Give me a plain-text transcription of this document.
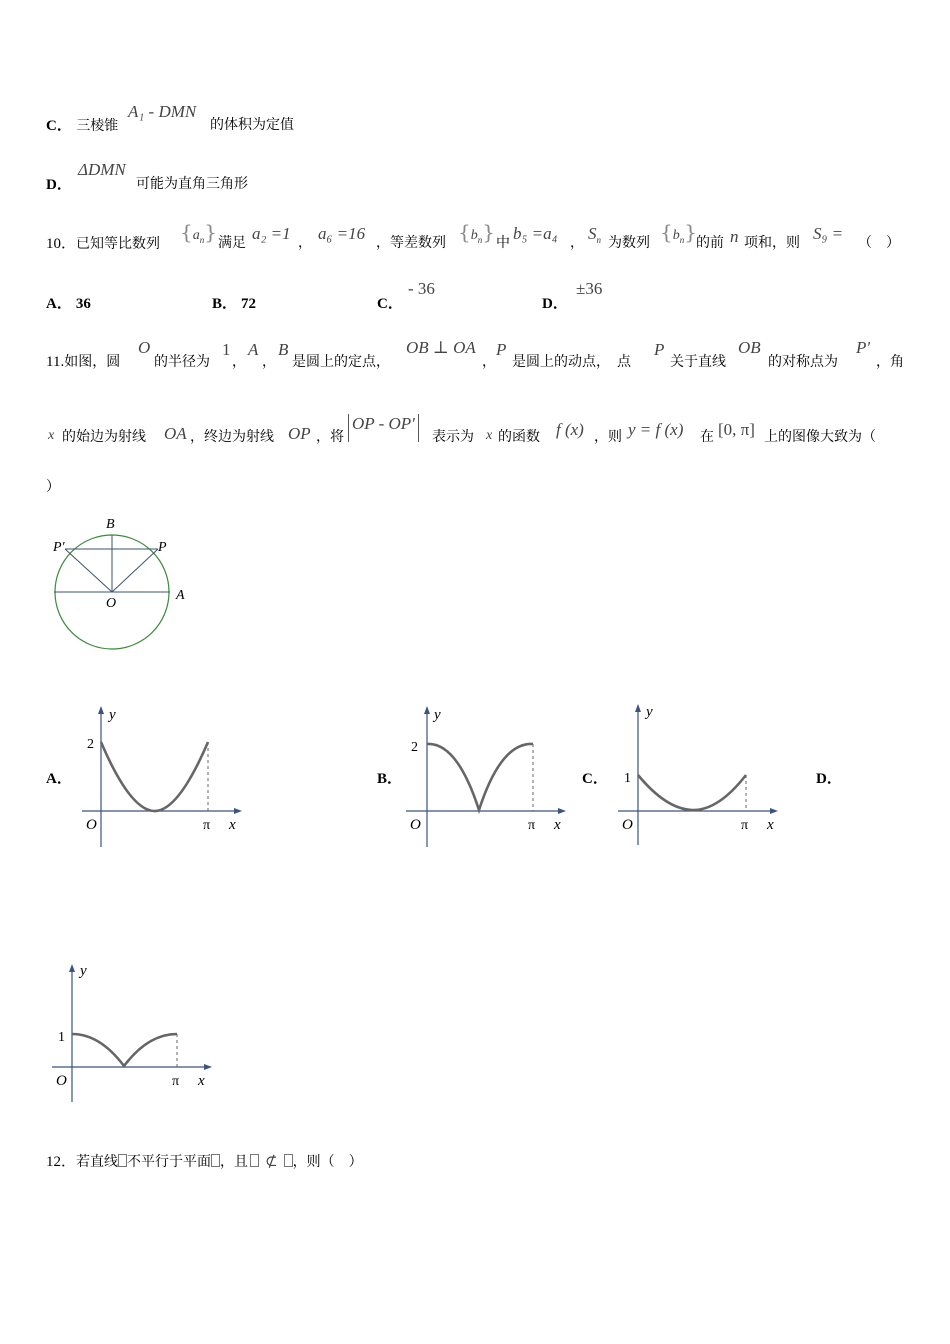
C． 三棱锥
A₁ - DMN
的体积为定值
D．
ΔDMN
可能为直角三角形
10．已知等比数列 $\{a_n\}$ 满足 a₂ =1 ， a₆ =16 ，等差数列 $\{b_n\}$ 中 b₅ =a₄ ， $S_n$ 为数列 $\{b_n\}$ 的前 n 项和，则 S₉ = （　）
A． 36	B． 72	C．
- 36
D．
±36
11.如图，圆
O
的半径为
1
，
A
，
B
是圆上的定点，
OB ⊥ OA
，
P
是圆上的动点，　点
P
关于直线
OB
的对称点为
P′
，角
x 的始边为射线 OA ，终边为射线 OP ，将
OP - OP′
表示为 x 的函数 f (x) ，则 y = f (x) 在 [0, π] 上的图像大致为（
）
B
P
P′
O
A
A．
2
O	π x
y
B．
2
O	π x
y
C． 1
O	π x
y
D．
1
O	π x
y
12．若直线 不平行于平面 ，且 ⊄ ，则（　）
